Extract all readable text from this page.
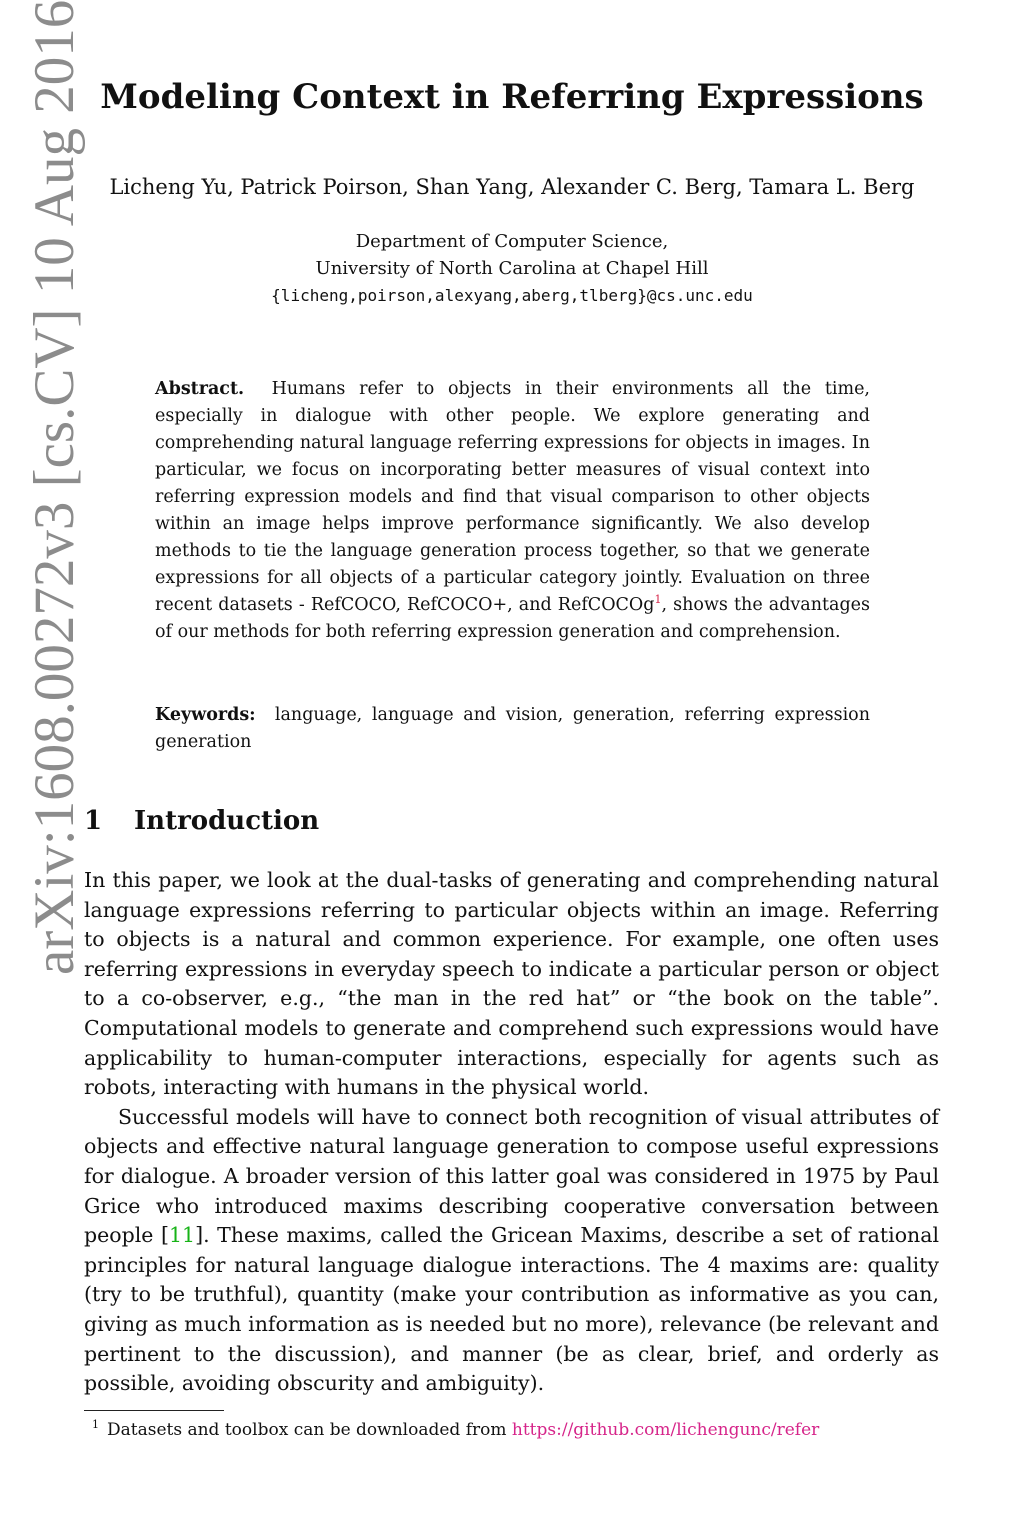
arXiv:1608.00272v3 [cs.CV] 10 Aug 2016 Modeling Context in Referring Expressions
Licheng Yu, Patrick Poirson, Shan Yang, Alexander C. Berg, Tamara L. Berg
Department of Computer Science,
University of North Carolina at Chapel Hill
{licheng,poirson,alexyang,aberg,tlberg}@cs.unc.edu
Abstract. Humans refer to objects in their environments all the time, especially in dialogue with other people. We explore generating and comprehending natural language referring expressions for objects in images. In particular, we focus on incorporating better measures of visual context into referring expression models and find that visual comparison to other objects within an image helps improve performance significantly. We also develop methods to tie the language generation process together, so that we generate expressions for all objects of a particular category jointly. Evaluation on three recent datasets - RefCOCO, RefCOCO+, and RefCOCOg$^1$, shows the advantages of our methods for both referring expression generation and comprehension.
Keywords: language, language and vision, generation, referring expression generation
1 Introduction

In this paper, we look at the dual-tasks of generating and comprehending natural language expressions referring to particular objects within an image. Referring to objects is a natural and common experience. For example, one often uses referring expressions in everyday speech to indicate a particular person or object to a co-observer, e.g., “the man in the red hat” or “the book on the table”. Computational models to generate and comprehend such expressions would have applicability to human-computer interactions, especially for agents such as robots, interacting with humans in the physical world.

Successful models will have to connect both recognition of visual attributes of objects and effective natural language generation to compose useful expressions for dialogue. A broader version of this latter goal was considered in 1975 by Paul Grice who introduced maxims describing cooperative conversation between people [11]. These maxims, called the Gricean Maxims, describe a set of rational principles for natural language dialogue interactions. The 4 maxims are: quality (try to be truthful), quantity (make your contribution as informative as you can, giving as much information as is needed but no more), relevance (be relevant and pertinent to the discussion), and manner (be as clear, brief, and orderly as possible, avoiding obscurity and ambiguity).

$^1$ Datasets and toolbox can be downloaded from https://github.com/lichengunc/refer
